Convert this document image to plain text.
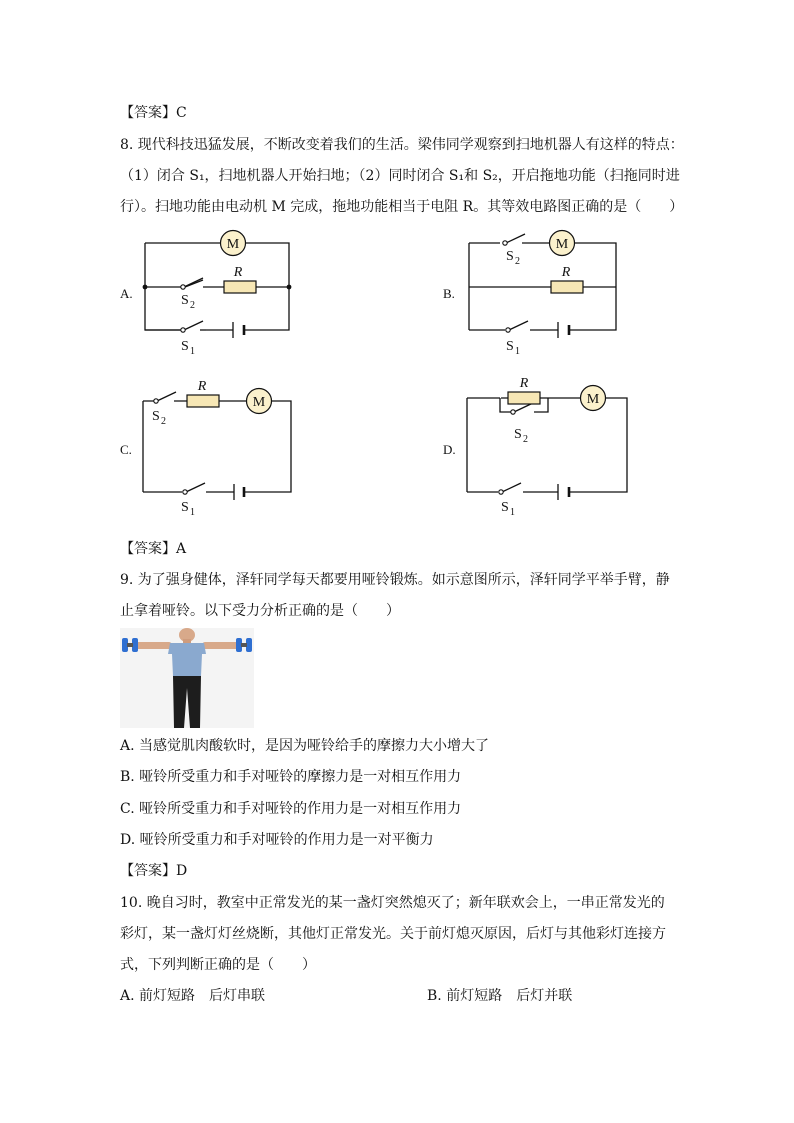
【答案】C
8. 现代科技迅猛发展，不断改变着我们的生活。梁伟同学观察到扫地机器人有这样的特点：
（1）闭合 S₁，扫地机器人开始扫地；（2）同时闭合 S₁和 S₂，开启拖地功能（扫拖同时进
行）。扫地功能由电动机 M 完成，拖地功能相当于电阻 R。其等效电路图正确的是（　　）
M	M
M	M
R	R
R	R
S 2
S 1
S 2
S 1
S 2
S 1
S 2
S 1
A.	B.
C.	D.
【答案】A
9. 为了强身健体，泽轩同学每天都要用哑铃锻炼。如示意图所示，泽轩同学平举手臂，静
止拿着哑铃。以下受力分析正确的是（　　）
A. 当感觉肌肉酸软时，是因为哑铃给手的摩擦力大小增大了
B. 哑铃所受重力和手对哑铃的摩擦力是一对相互作用力
C. 哑铃所受重力和手对哑铃的作用力是一对相互作用力
D. 哑铃所受重力和手对哑铃的作用力是一对平衡力
【答案】D
10. 晚自习时，教室中正常发光的某一盏灯突然熄灭了；新年联欢会上，一串正常发光的
彩灯，某一盏灯灯丝烧断，其他灯正常发光。关于前灯熄灭原因，后灯与其他彩灯连接方
式，下列判断正确的是（　　）
A. 前灯短路　后灯串联	B. 前灯短路　后灯并联
